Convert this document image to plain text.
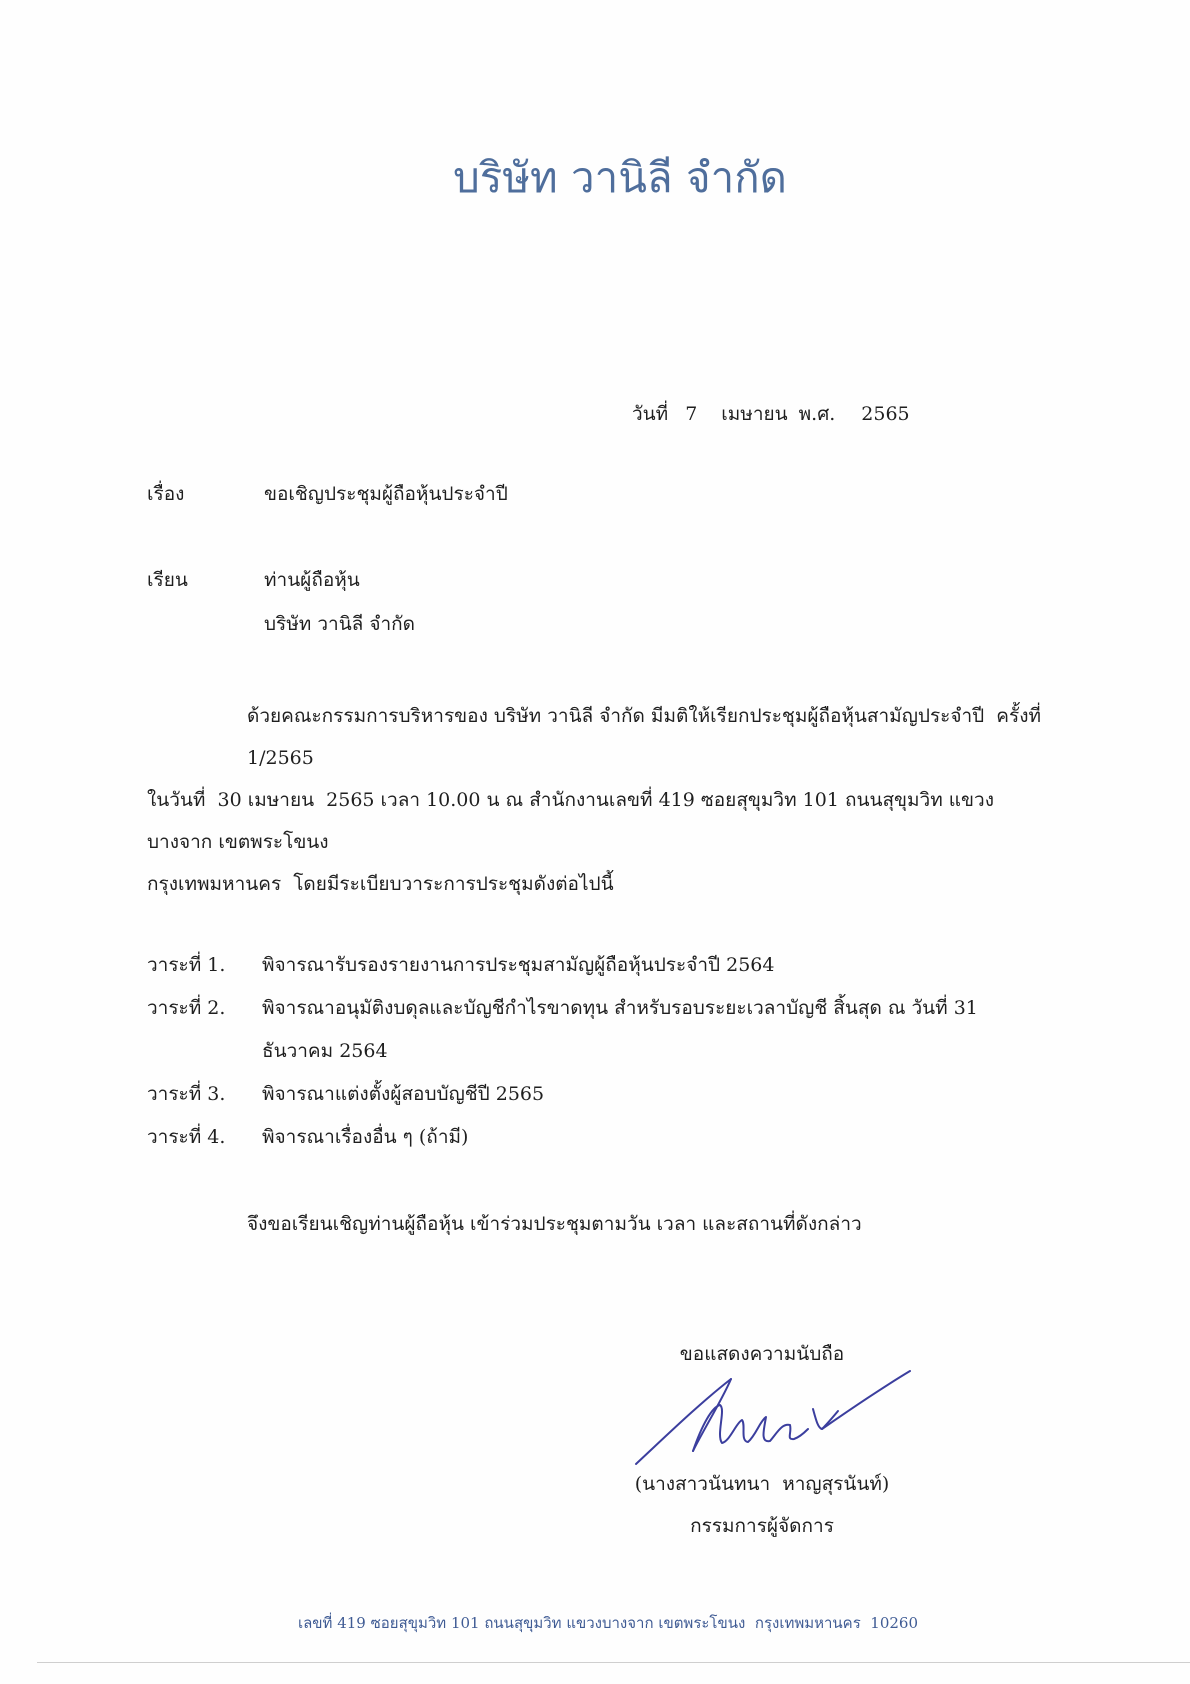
บริษัท วานิลี จำกัด
วันที่ 7 เมษายน พ.ศ. 2565
เรื่อง	ขอเชิญประชุมผู้ถือหุ้นประจำปี
เรียน	ท่านผู้ถือหุ้น
บริษัท วานิลี จำกัด
ด้วยคณะกรรมการบริหารของ บริษัท วานิลี จำกัด มีมติให้เรียกประชุมผู้ถือหุ้นสามัญประจำปี  ครั้งที่  1/2565
ในวันที่  30 เมษายน  2565 เวลา 10.00 น ณ สำนักงานเลขที่ 419 ซอยสุขุมวิท 101 ถนนสุขุมวิท แขวง บางจาก เขตพระโขนง
กรุงเทพมหานคร  โดยมีระเบียบวาระการประชุมดังต่อไปนี้
วาระที่ 1.	พิจารณารับรองรายงานการประชุมสามัญผู้ถือหุ้นประจำปี 2564
วาระที่ 2.	พิจารณาอนุมัติงบดุลและบัญชีกำไรขาดทุน สำหรับรอบระยะเวลาบัญชี สิ้นสุด ณ วันที่ 31 ธันวาคม 2564
วาระที่ 3.	พิจารณาแต่งตั้งผู้สอบบัญชีปี 2565
วาระที่ 4.	พิจารณาเรื่องอื่น ๆ (ถ้ามี)
จึงขอเรียนเชิญท่านผู้ถือหุ้น เข้าร่วมประชุมตามวัน เวลา และสถานที่ดังกล่าว
ขอแสดงความนับถือ
(นางสาวนันทนา  หาญสุรนันท์)
กรรมการผู้จัดการ
เลขที่ 419 ซอยสุขุมวิท 101 ถนนสุขุมวิท แขวงบางจาก เขตพระโขนง  กรุงเทพมหานคร  10260
